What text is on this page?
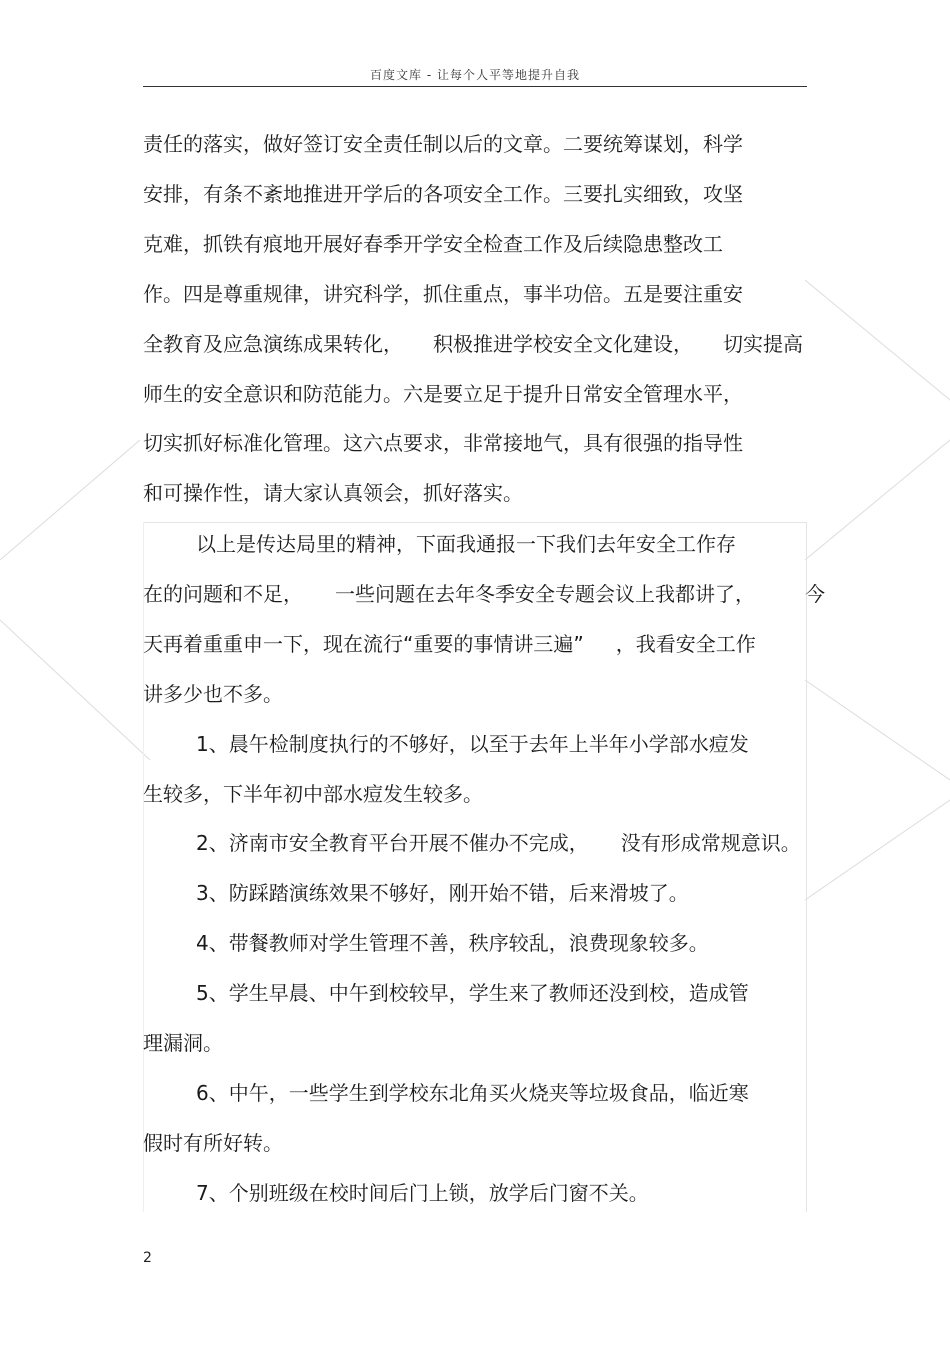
百度文库 - 让每个人平等地提升自我
责任的落实，做好签订安全责任制以后的文章。二要统筹谋划，科学
安排，有条不紊地推进开学后的各项安全工作。三要扎实细致，攻坚
克难，抓铁有痕地开展好春季开学安全检查工作及后续隐患整改工
作。四是尊重规律，讲究科学，抓住重点，事半功倍。五是要注重安
全教育及应急演练成果转化， 积极推进学校安全文化建设， 切实提高
师生的安全意识和防范能力。六是要立足于提升日常安全管理水平，
切实抓好标准化管理。这六点要求，非常接地气，具有很强的指导性
和可操作性，请大家认真领会，抓好落实。
以上是传达局里的精神，下面我通报一下我们去年安全工作存
在的问题和不足， 一些问题在去年冬季安全专题会议上我都讲了，	今
天再着重重申一下，现在流行“重要的事情讲三遍” ，我看安全工作
讲多少也不多。
1、晨午检制度执行的不够好，以至于去年上半年小学部水痘发
生较多，下半年初中部水痘发生较多。
2、济南市安全教育平台开展不催办不完成， 没有形成常规意识。
3、防踩踏演练效果不够好，刚开始不错，后来滑坡了。
4、带餐教师对学生管理不善，秩序较乱，浪费现象较多。
5、学生早晨、中午到校较早，学生来了教师还没到校，造成管
理漏洞。
6、中午，一些学生到学校东北角买火烧夹等垃圾食品，临近寒
假时有所好转。
7、个别班级在校时间后门上锁，放学后门窗不关。
2
